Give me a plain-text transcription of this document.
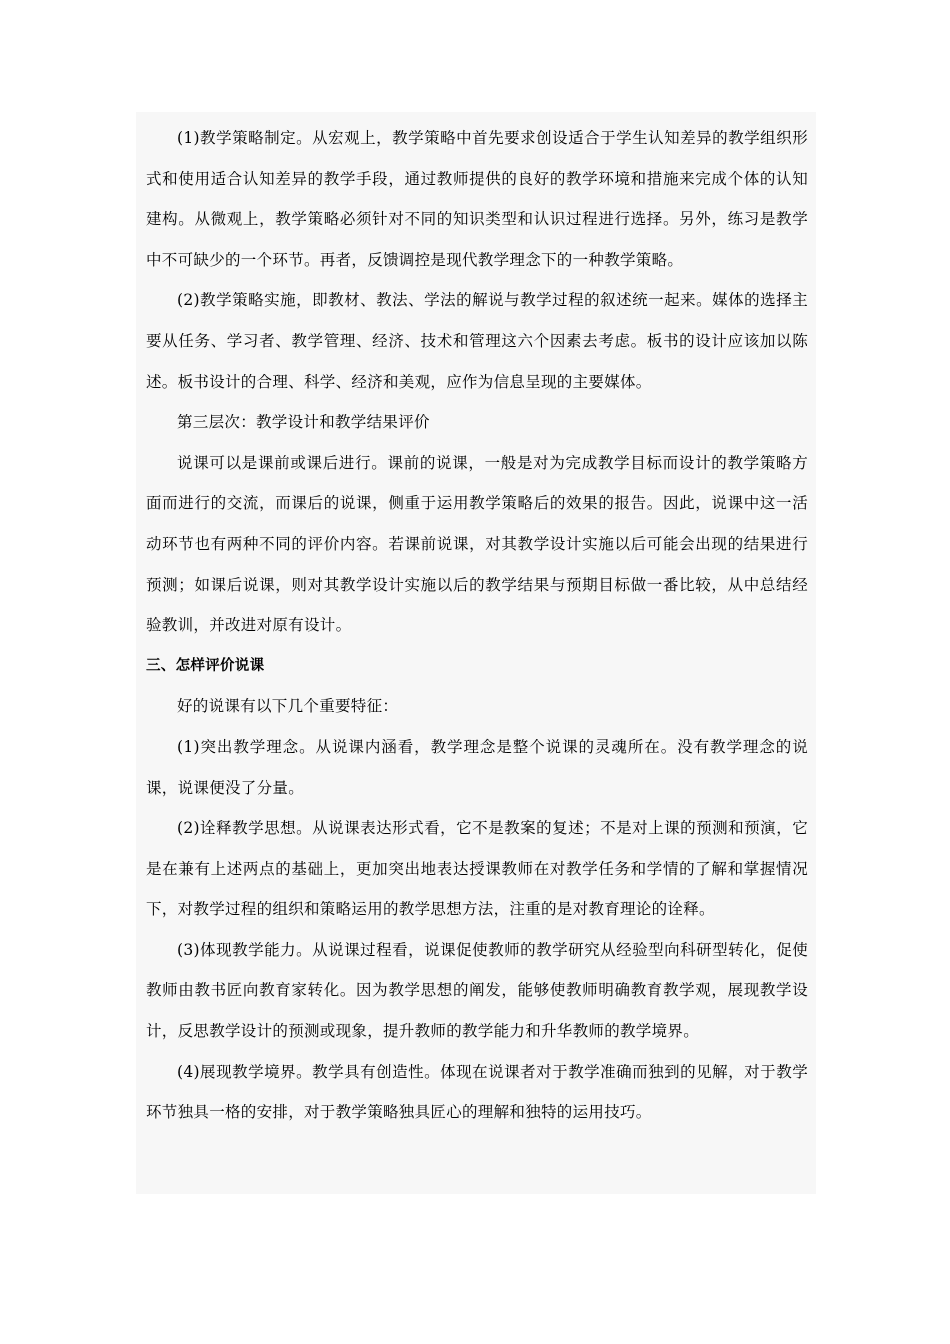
(1)教学策略制定。从宏观上，教学策略中首先要求创设适合于学生认知差异的教学组织形式和使用适合认知差异的教学手段，通过教师提供的良好的教学环境和措施来完成个体的认知建构。从微观上，教学策略必须针对不同的知识类型和认识过程进行选择。另外，练习是教学中不可缺少的一个环节。再者，反馈调控是现代教学理念下的一种教学策略。

(2)教学策略实施，即教材、教法、学法的解说与教学过程的叙述统一起来。媒体的选择主要从任务、学习者、教学管理、经济、技术和管理这六个因素去考虑。板书的设计应该加以陈述。板书设计的合理、科学、经济和美观，应作为信息呈现的主要媒体。

第三层次：教学设计和教学结果评价

说课可以是课前或课后进行。课前的说课，一般是对为完成教学目标而设计的教学策略方面而进行的交流，而课后的说课，侧重于运用教学策略后的效果的报告。因此，说课中这一活动环节也有两种不同的评价内容。若课前说课，对其教学设计实施以后可能会出现的结果进行预测；如课后说课，则对其教学设计实施以后的教学结果与预期目标做一番比较，从中总结经验教训，并改进对原有设计。

三、怎样评价说课

好的说课有以下几个重要特征：

(1)突出教学理念。从说课内涵看，教学理念是整个说课的灵魂所在。没有教学理念的说课，说课便没了分量。

(2)诠释教学思想。从说课表达形式看，它不是教案的复述；不是对上课的预测和预演，它是在兼有上述两点的基础上，更加突出地表达授课教师在对教学任务和学情的了解和掌握情况下，对教学过程的组织和策略运用的教学思想方法，注重的是对教育理论的诠释。

(3)体现教学能力。从说课过程看，说课促使教师的教学研究从经验型向科研型转化，促使教师由教书匠向教育家转化。因为教学思想的阐发，能够使教师明确教育教学观，展现教学设计，反思教学设计的预测或现象，提升教师的教学能力和升华教师的教学境界。

(4)展现教学境界。教学具有创造性。体现在说课者对于教学准确而独到的见解，对于教学环节独具一格的安排，对于教学策略独具匠心的理解和独特的运用技巧。
